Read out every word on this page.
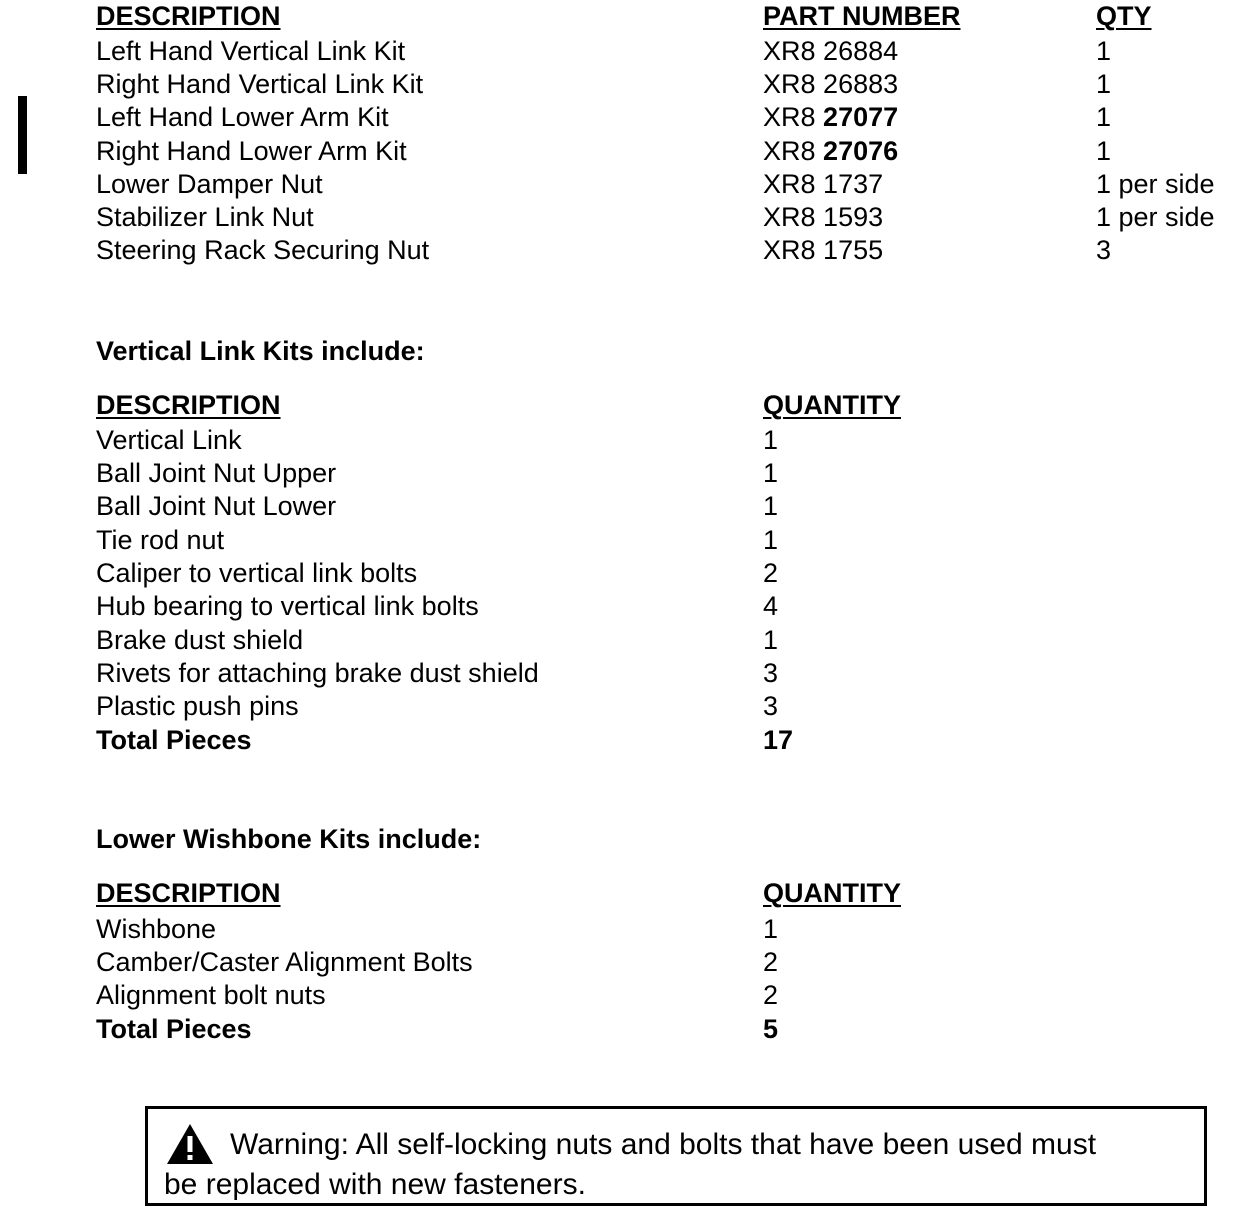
DESCRIPTION	PART NUMBER	QTY
Left Hand Vertical Link Kit	XR8 26884	1
Right Hand Vertical Link Kit	XR8 26883	1
Left Hand Lower Arm Kit	XR8 27077	1
Right Hand Lower Arm Kit	XR8 27076	1
Lower Damper Nut	XR8 1737	1 per side
Stabilizer Link Nut	XR8 1593	1 per side
Steering Rack Securing Nut	XR8 1755	3
Vertical Link Kits include:
DESCRIPTION	QUANTITY
Vertical Link	1
Ball Joint Nut Upper	1
Ball Joint Nut Lower	1
Tie rod nut	1
Caliper to vertical link bolts	2
Hub bearing to vertical link bolts	4
Brake dust shield	1
Rivets for attaching brake dust shield	3
Plastic push pins	3
Total Pieces	17
Lower Wishbone Kits include:
DESCRIPTION	QUANTITY
Wishbone	1
Camber/Caster Alignment Bolts	2
Alignment bolt nuts	2
Total Pieces	5
Warning: All self-locking nuts and bolts that have been used must
be replaced with new fasteners.
